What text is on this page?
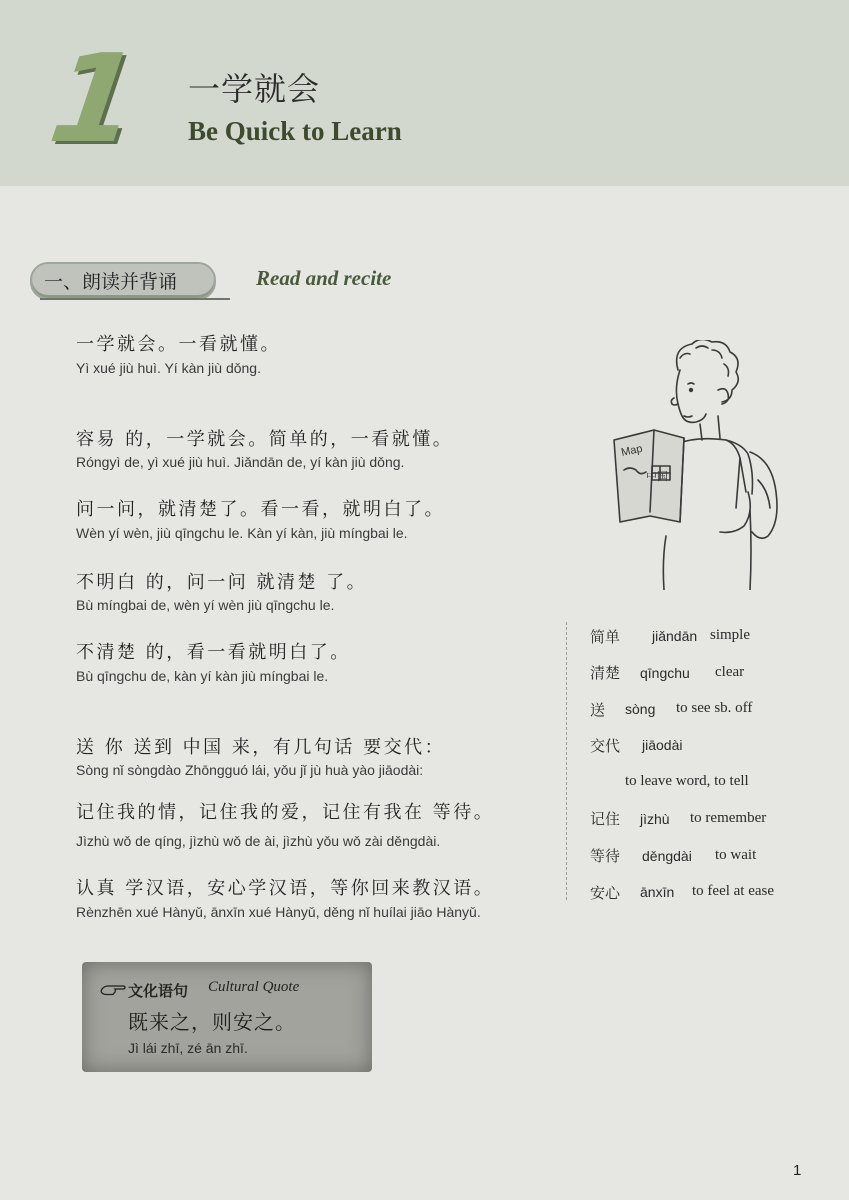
1 一学就会
Be Quick to Learn
一、朗读并背诵	Read and recite
一学就会。一看就懂。
Yì xué jiù huì. Yí kàn jiù dǒng.
容易 的，一学就会。简单的，一看就懂。
Róngyì de, yì xué jiù huì. Jiǎndān de, yí kàn jiù dǒng.
问一问，就清楚了。看一看，就明白了。
Wèn yí wèn, jiù qīngchu le. Kàn yí kàn, jiù míngbai le.
不明白 的，问一问 就清楚 了。
Bù míngbai de, wèn yí wèn jiù qīngchu le.
不清楚 的，看一看就明白了。
Bù qīngchu de, kàn yí kàn jiù míngbai le.
送 你 送到 中国 来，有几句话 要交代：
Sòng nǐ sòngdào Zhōngguó lái, yǒu jǐ jù huà yào jiāodài:
记住我的情，记住我的爱，记住有我在 等待。
Jìzhù wǒ de qíng, jìzhù wǒ de ài, jìzhù yǒu wǒ zài děngdài.
认真 学汉语，安心学汉语，等你回来教汉语。
Rènzhēn xué Hànyǔ, ānxīn xué Hànyǔ, děng nǐ huílai jiāo Hànyǔ.
Map
中国
简单 jiǎndān simple
清楚 qīngchu clear
送 sòng to see sb. off
交代 jiāodài
to leave word, to tell
记住 jìzhù to remember
等待 děngdài to wait
安心 ānxīn to feel at ease
文化语句 Cultural Quote
既来之，则安之。
Jì lái zhī, zé ān zhī.
1
